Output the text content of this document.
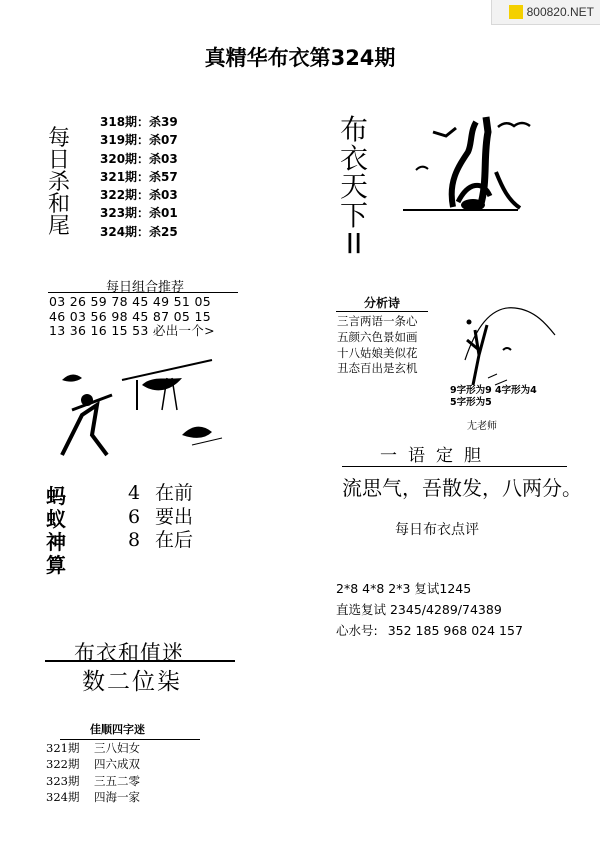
800820.NET
真精华布衣第324期
每
日
杀
和
尾
318期：杀39
319期：杀07
320期：杀03
321期：杀57
322期：杀03
323期：杀01
324期：杀25
布
衣
天
下
II
每日组合推荐
03 26 59 78 45 49 51 05
46 03 56 98 45 87 05 15
13 36 16 15 53 必出一个>
蚂
蚁
神
算
4 在前
6 要出
8 在后
分析诗
三言两语一条心
五颜六色景如画
十八姑娘美似花
丑态百出是玄机
9字形为9 4字形为4
5字形为5
尢老师
一语定胆
流思气，吾散发，八两分。
每日布衣点评
2*8 4*8 2*3 复试1245
直选复试 2345/4289/74389
心水号: 352 185 968 024 157
布衣和值迷
数二位柒
佳顺四字迷
321期 三八妇女
322期 四六成双
323期 三五二零
324期 四海一家
